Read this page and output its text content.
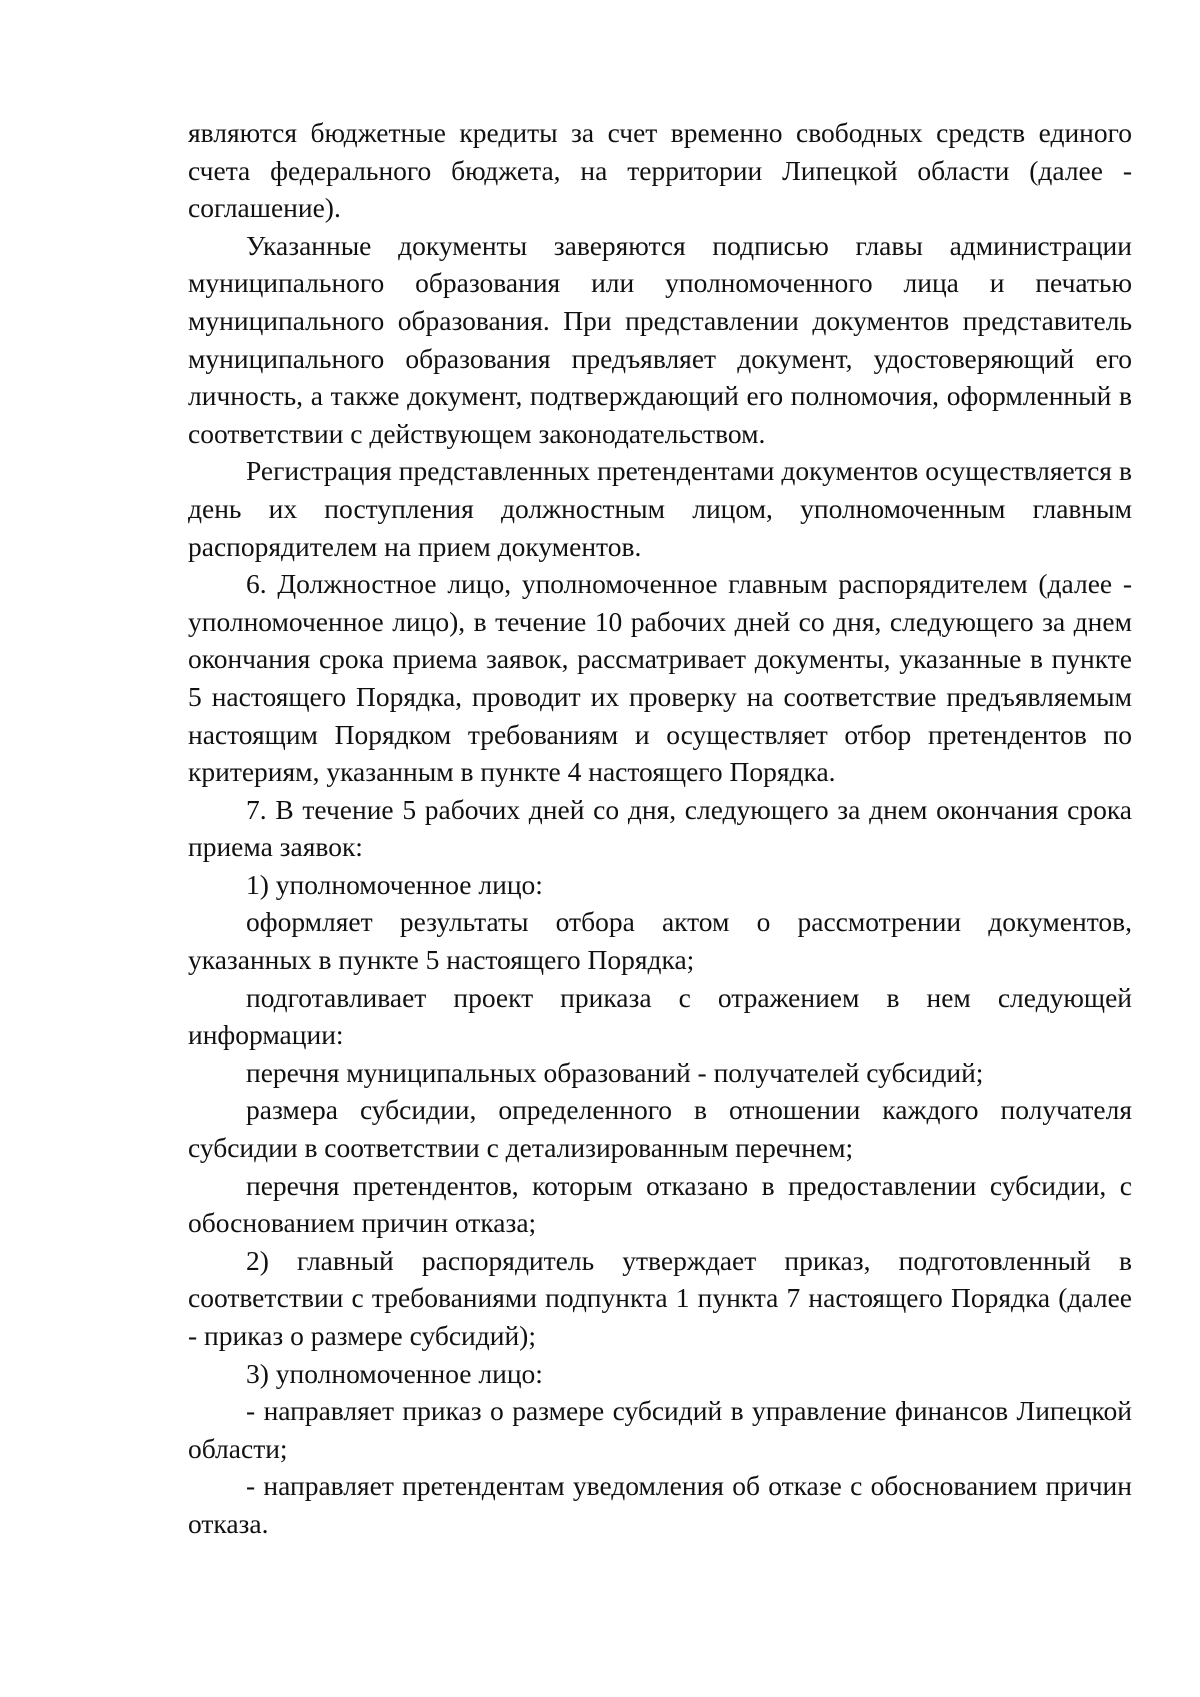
являются бюджетные кредиты за счет временно свободных средств единого счета федерального бюджета, на территории Липецкой области (далее - соглашение).

Указанные документы заверяются подписью главы администрации муниципального образования или уполномоченного лица и печатью муниципального образования. При представлении документов представитель муниципального образования предъявляет документ, удостоверяющий его личность, а также документ, подтверждающий его полномочия, оформленный в соответствии с действующем законодательством.

Регистрация представленных претендентами документов осуществляется в день их поступления должностным лицом, уполномоченным главным распорядителем на прием документов.

6. Должностное лицо, уполномоченное главным распорядителем (далее - уполномоченное лицо), в течение 10 рабочих дней со дня, следующего за днем окончания срока приема заявок, рассматривает документы, указанные в пункте 5 настоящего Порядка, проводит их проверку на соответствие предъявляемым настоящим Порядком требованиям и осуществляет отбор претендентов по критериям, указанным в пункте 4 настоящего Порядка.

7. В течение 5 рабочих дней со дня, следующего за днем окончания срока приема заявок:

1) уполномоченное лицо:

оформляет результаты отбора актом о рассмотрении документов, указанных в пункте 5 настоящего Порядка;

подготавливает проект приказа с отражением в нем следующей информации:

перечня муниципальных образований - получателей субсидий;

размера субсидии, определенного в отношении каждого получателя субсидии в соответствии с детализированным перечнем;

перечня претендентов, которым отказано в предоставлении субсидии, с обоснованием причин отказа;

2) главный распорядитель утверждает приказ, подготовленный в соответствии с требованиями подпункта 1 пункта 7 настоящего Порядка (далее - приказ о размере субсидий);

3) уполномоченное лицо:

- направляет приказ о размере субсидий в управление финансов Липецкой области;

- направляет претендентам уведомления об отказе с обоснованием причин отказа.
